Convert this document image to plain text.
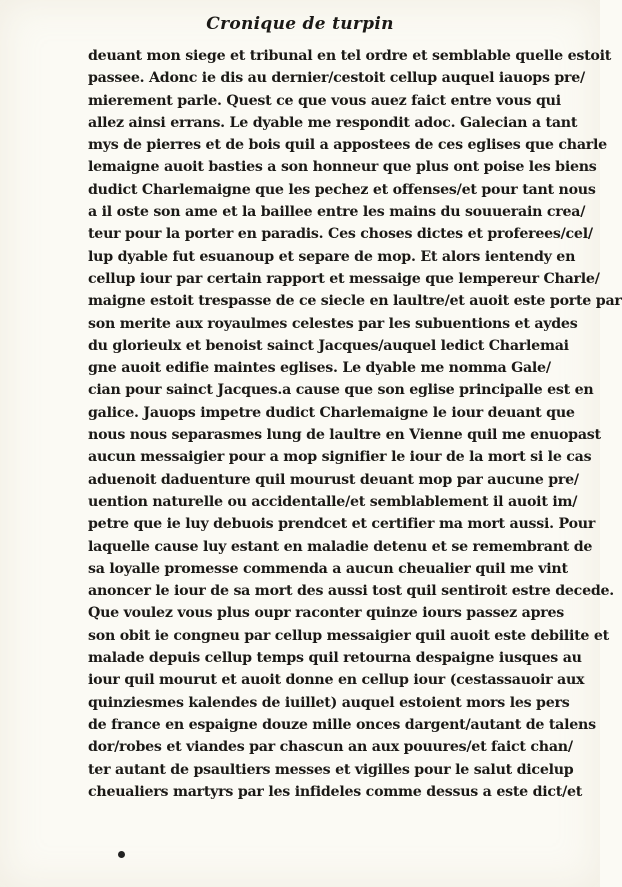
Cronique de turpin
deuant mon siege et tribunal en tel ordre et semblable quelle estoit
passee. Adonc ie dis au dernier/cestoit cellup auquel iauops pre/
mierement parle. Quest ce que vous auez faict entre vous qui
allez ainsi errans. Le dyable me respondit adoc. Galecian a tant
mys de pierres et de bois quil a appostees de ces eglises que charle
lemaigne auoit basties a son honneur que plus ont poise les biens
dudict Charlemaigne que les pechez et offenses/et pour tant nous
a il oste son ame et la baillee entre les mains du souuerain crea/
teur pour la porter en paradis. Ces choses dictes et proferees/cel/
lup dyable fut esuanoup et separe de mop. Et alors ientendy en
cellup iour par certain rapport et messaige que lempereur Charle/
maigne estoit trespasse de ce siecle en laultre/et auoit este porte par
son merite aux royaulmes celestes par les subuentions et aydes
du glorieulx et benoist sainct Jacques/auquel ledict Charlemai
gne auoit edifie maintes eglises. Le dyable me nomma Gale/
cian pour sainct Jacques.a cause que son eglise principalle est en
galice. Jauops impetre dudict Charlemaigne le iour deuant que
nous nous separasmes lung de laultre en Vienne quil me enuopast
aucun messaigier pour a mop signifier le iour de la mort si le cas
aduenoit daduenture quil mourust deuant mop par aucune pre/
uention naturelle ou accidentalle/et semblablement il auoit im/
petre que ie luy debuois prendcet et certifier ma mort aussi. Pour
laquelle cause luy estant en maladie detenu et se remembrant de
sa loyalle promesse commenda a aucun cheualier quil me vint
anoncer le iour de sa mort des aussi tost quil sentiroit estre decede.
Que voulez vous plus oupr raconter quinze iours passez apres
son obit ie congneu par cellup messaigier quil auoit este debilite et
malade depuis cellup temps quil retourna despaigne iusques au
iour quil mourut et auoit donne en cellup iour (cestassauoir aux
quinziesmes kalendes de iuillet) auquel estoient mors les pers
de france en espaigne douze mille onces dargent/autant de talens
dor/robes et viandes par chascun an aux pouures/et faict chan/
ter autant de psaultiers messes et vigilles pour le salut dicelup
cheualiers martyrs par les infideles comme dessus a este dict/et
